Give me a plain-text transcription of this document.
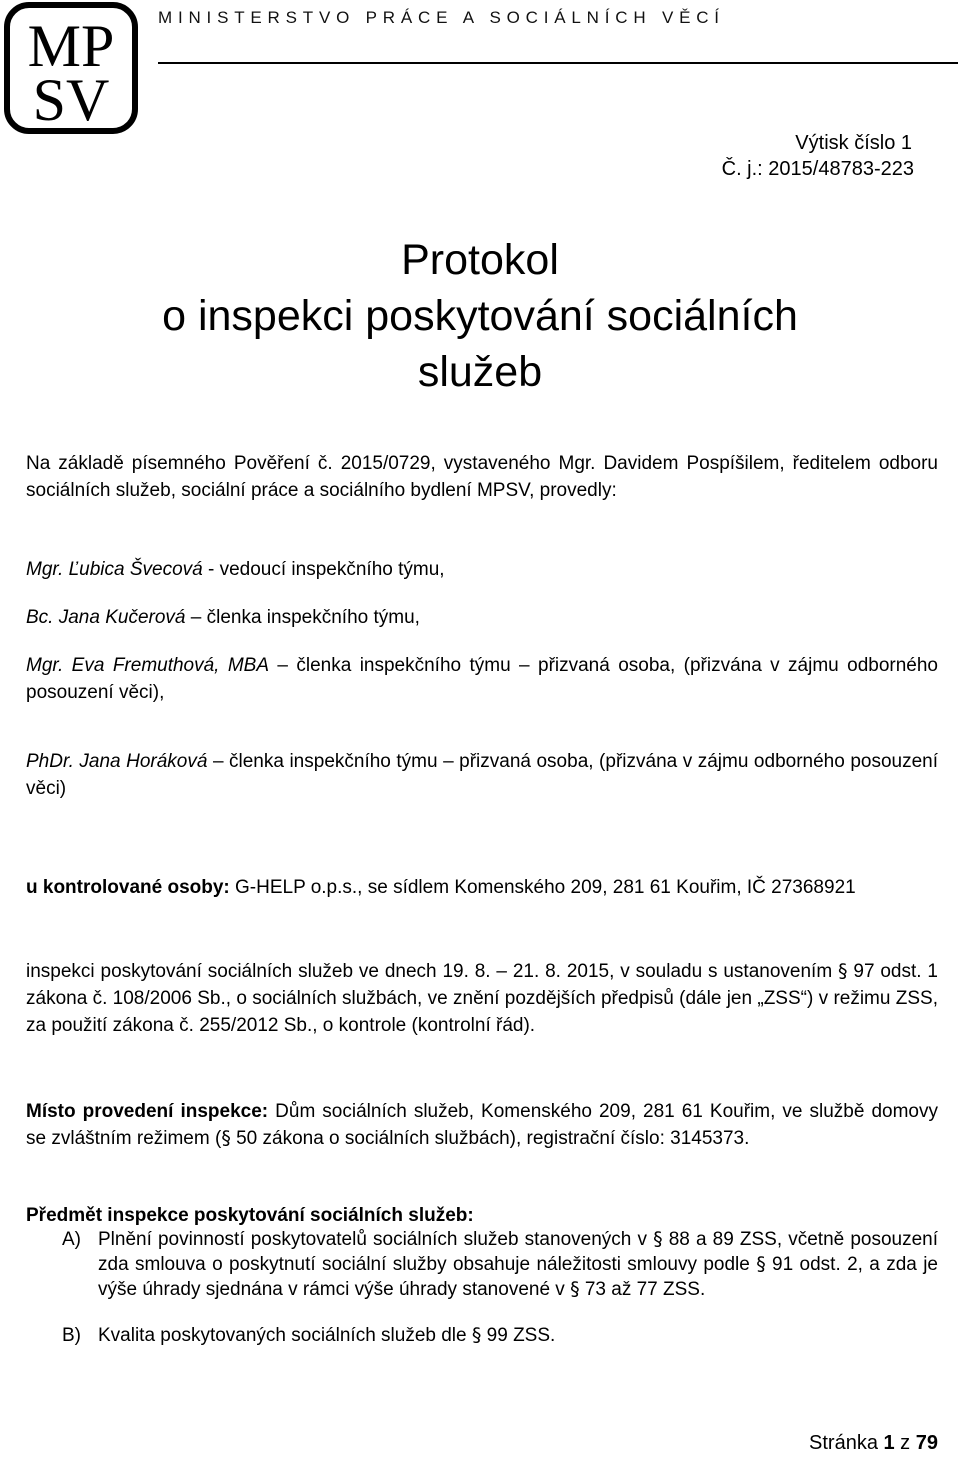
MP
SV
MINISTERSTVO PRÁCE A SOCIÁLNÍCH VĚCÍ
Výtisk číslo 1
Č. j.: 2015/48783-223
Protokol
o inspekci poskytování sociálních
služeb
Na základě písemného Pověření č. 2015/0729, vystaveného Mgr. Davidem Pospíšilem, ředitelem odboru sociálních služeb, sociální práce a sociálního bydlení MPSV, provedly:
Mgr. Ľubica Švecová - vedoucí inspekčního týmu,
Bc. Jana Kučerová – členka inspekčního týmu,
Mgr. Eva Fremuthová, MBA – členka inspekčního týmu – přizvaná osoba, (přizvána v zájmu odborného posouzení věci),
PhDr. Jana Horáková – členka inspekčního týmu – přizvaná osoba, (přizvána v zájmu odborného posouzení věci)
u kontrolované osoby: G-HELP o.p.s., se sídlem Komenského 209, 281 61 Kouřim, IČ 27368921
inspekci poskytování sociálních služeb ve dnech 19. 8. – 21. 8. 2015, v souladu s ustanovením § 97 odst. 1 zákona č. 108/2006 Sb., o sociálních službách, ve znění pozdějších předpisů (dále jen „ZSS“) v režimu ZSS, za použití zákona č. 255/2012 Sb., o kontrole (kontrolní řád).
Místo provedení inspekce: Dům sociálních služeb, Komenského 209, 281 61 Kouřim, ve službě domovy se zvláštním režimem (§ 50 zákona o sociálních službách), registrační číslo: 3145373.
Předmět inspekce poskytování sociálních služeb:
A) Plnění povinností poskytovatelů sociálních služeb stanovených v § 88 a 89 ZSS, včetně posouzení zda smlouva o poskytnutí sociální služby obsahuje náležitosti smlouvy podle § 91 odst. 2, a zda je výše úhrady sjednána v rámci výše úhrady stanovené v § 73 až 77 ZSS.
B) Kvalita poskytovaných sociálních služeb dle § 99 ZSS.
Stránka 1 z 79
